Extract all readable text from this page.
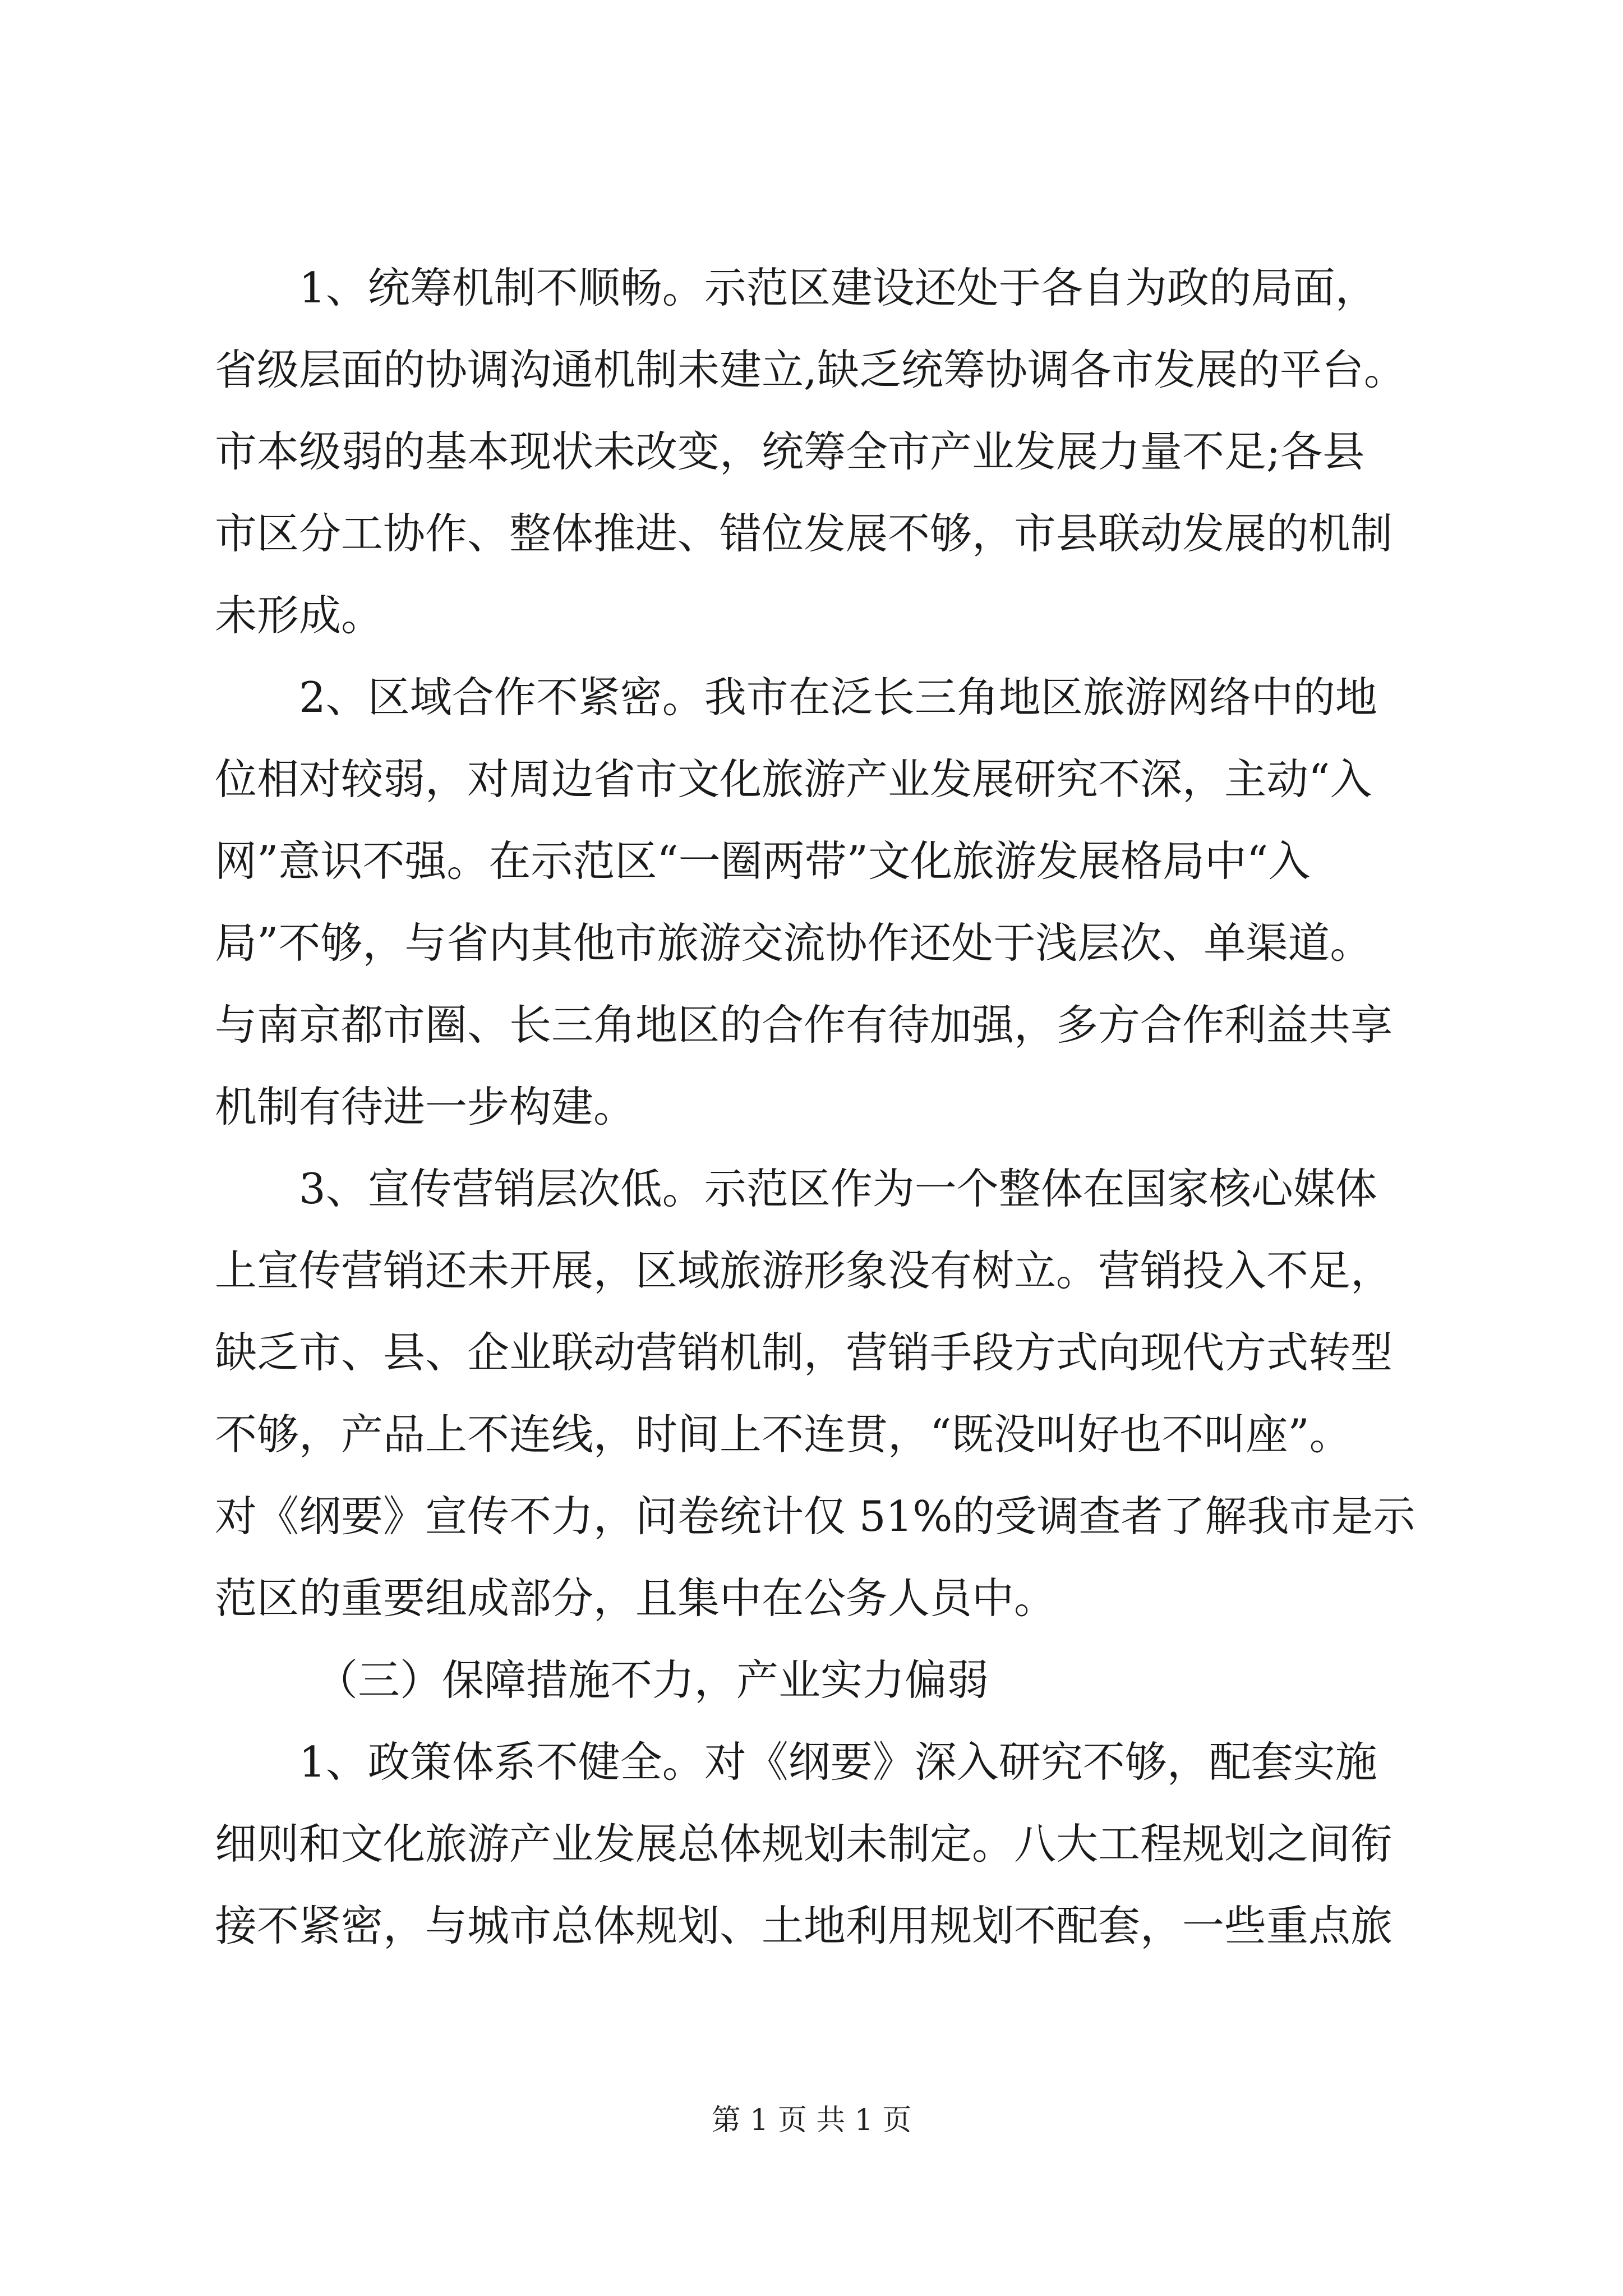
1、统筹机制不顺畅。示范区建设还处于各自为政的局面，
省级层面的协调沟通机制未建立,缺乏统筹协调各市发展的平台。
市本级弱的基本现状未改变，统筹全市产业发展力量不足;各县
市区分工协作、整体推进、错位发展不够，市县联动发展的机制
未形成。
2、区域合作不紧密。我市在泛长三角地区旅游网络中的地
位相对较弱，对周边省市文化旅游产业发展研究不深，主动“入
网”意识不强。在示范区“一圈两带”文化旅游发展格局中“入
局”不够，与省内其他市旅游交流协作还处于浅层次、单渠道。
与南京都市圈、长三角地区的合作有待加强，多方合作利益共享
机制有待进一步构建。
3、宣传营销层次低。示范区作为一个整体在国家核心媒体
上宣传营销还未开展，区域旅游形象没有树立。营销投入不足，
缺乏市、县、企业联动营销机制，营销手段方式向现代方式转型
不够，产品上不连线，时间上不连贯，“既没叫好也不叫座”。
对《纲要》宣传不力，问卷统计仅 51%的受调查者了解我市是示
范区的重要组成部分，且集中在公务人员中。
（三）保障措施不力，产业实力偏弱
1、政策体系不健全。对《纲要》深入研究不够，配套实施
细则和文化旅游产业发展总体规划未制定。八大工程规划之间衔
接不紧密，与城市总体规划、土地利用规划不配套，一些重点旅
第 1 页 共 1 页
